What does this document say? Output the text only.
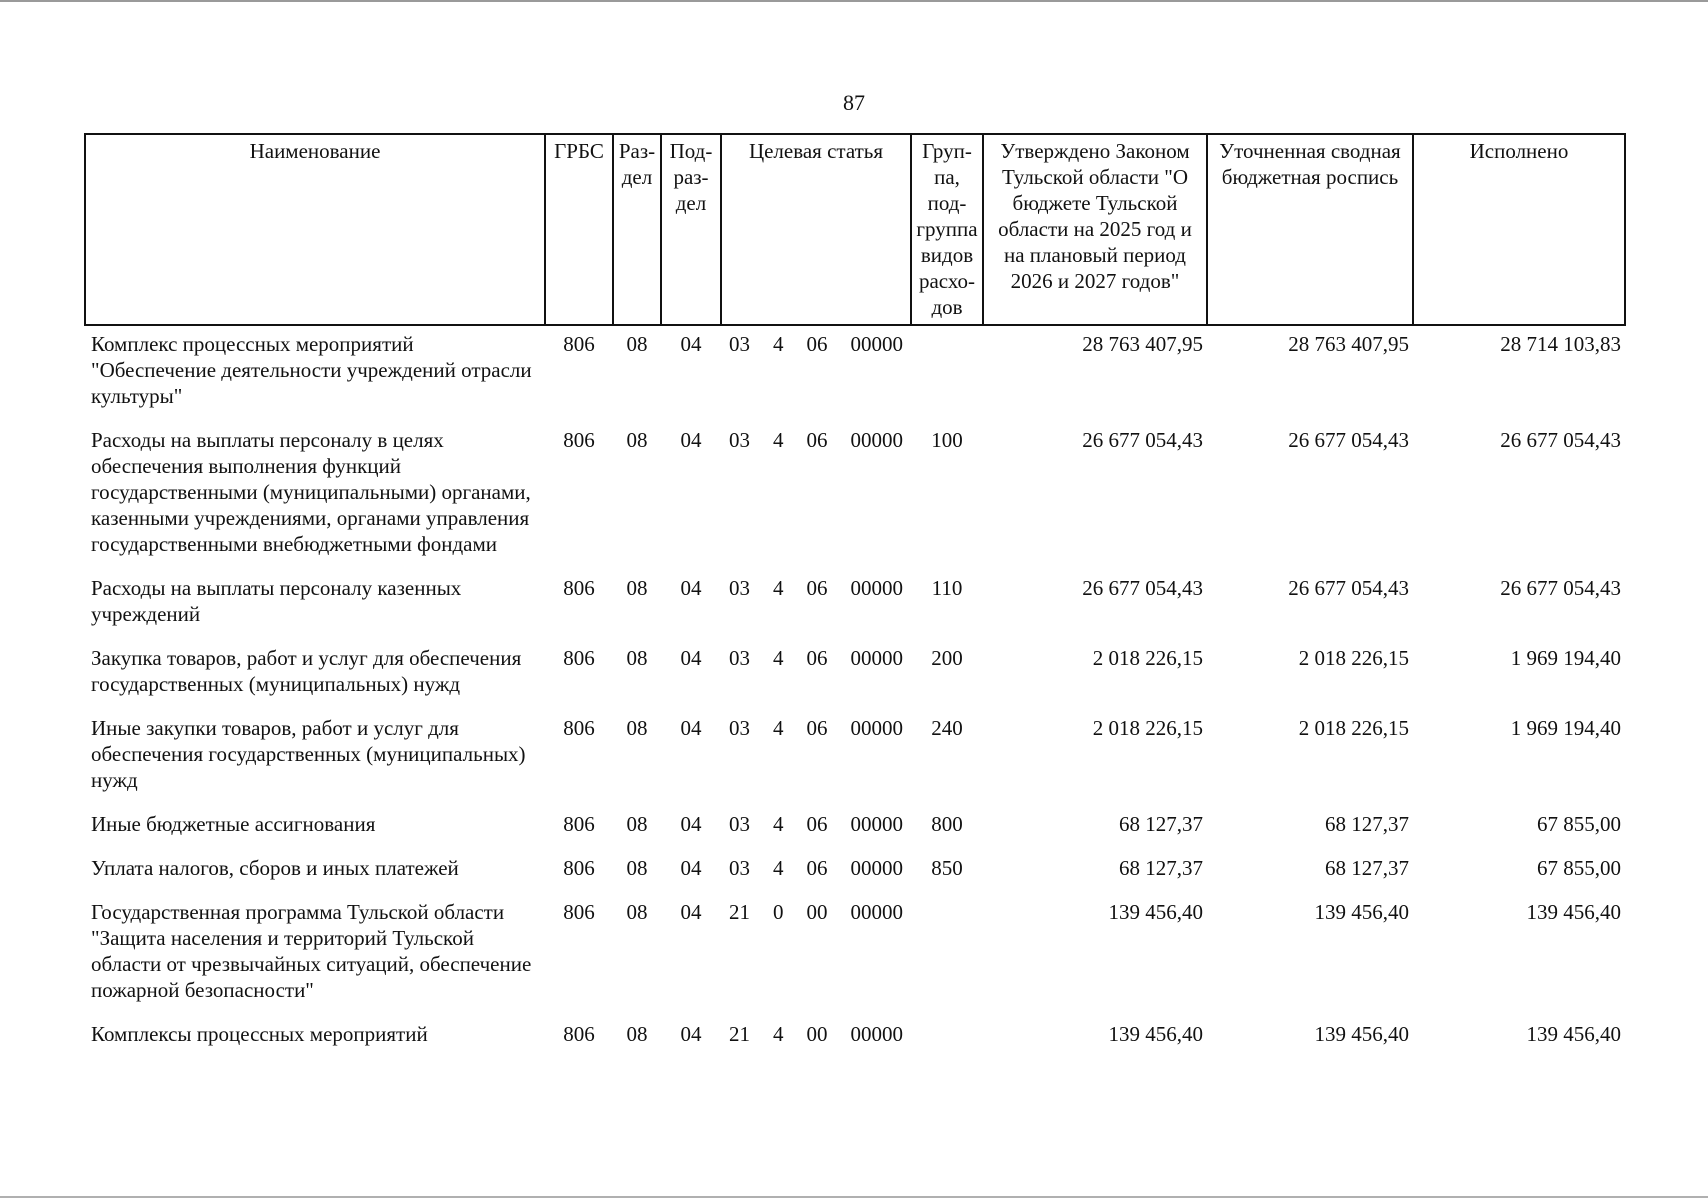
87
Наименование	ГРБС	Раз-дел	Под-раз-дел	Целевая статья	Груп-па, под-группа видов расхо-дов	Утверждено Законом Тульской области "О бюджете Тульской области на 2025 год и на плановый период 2026 и 2027 годов"	Уточненная сводная бюджетная роспись	Исполнено
Комплекс процессных мероприятий "Обеспечение деятельности учреждений отрасли культуры"	806	08	04	03 4 06 00000		28 763 407,95	28 763 407,95	28 714 103,83
Расходы на выплаты персоналу в целях обеспечения выполнения функций государственными (муниципальными) органами, казенными учреждениями, органами управления государственными внебюджетными фондами	806	08	04	03 4 06 00000	100	26 677 054,43	26 677 054,43	26 677 054,43
Расходы на выплаты персоналу казенных учреждений	806	08	04	03 4 06 00000	110	26 677 054,43	26 677 054,43	26 677 054,43
Закупка товаров, работ и услуг для обеспечения государственных (муниципальных) нужд	806	08	04	03 4 06 00000	200	2 018 226,15	2 018 226,15	1 969 194,40
Иные закупки товаров, работ и услуг для обеспечения государственных (муниципальных) нужд	806	08	04	03 4 06 00000	240	2 018 226,15	2 018 226,15	1 969 194,40
Иные бюджетные ассигнования	806	08	04	03 4 06 00000	800	68 127,37	68 127,37	67 855,00
Уплата налогов, сборов и иных платежей	806	08	04	03 4 06 00000	850	68 127,37	68 127,37	67 855,00
Государственная программа Тульской области "Защита населения и территорий Тульской области от чрезвычайных ситуаций, обеспечение пожарной безопасности"	806	08	04	21 0 00 00000		139 456,40	139 456,40	139 456,40
Комплексы процессных мероприятий	806	08	04	21 4 00 00000		139 456,40	139 456,40	139 456,40
